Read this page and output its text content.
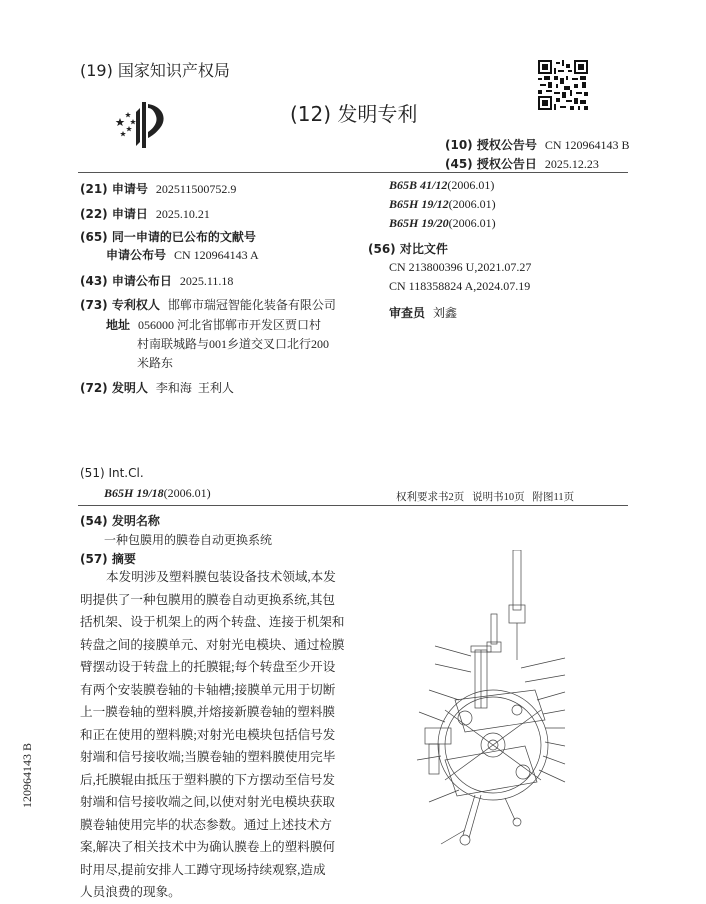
(19) 国家知识产权局
(12) 发明专利
(10) 授权公告号 CN 120964143 B
(45) 授权公告日 2025.12.23
(21) 申请号 202511500752.9
(22) 申请日 2025.10.21
(65) 同一申请的已公布的文献号
申请公布号 CN 120964143 A
(43) 申请公布日 2025.11.18
(73) 专利权人 邯郸市瑞冠智能化装备有限公司
地址 056000 河北省邯郸市开发区贾口村
村南联城路与001乡道交叉口北行200
米路东
(72) 发明人 李和海  王利人
B65B 41/12(2006.01)
B65H 19/12(2006.01)
B65H 19/20(2006.01)
(56) 对比文件
CN 213800396 U,2021.07.27
CN 118358824 A,2024.07.19
审查员 刘鑫
(51) Int.Cl.
B65H 19/18(2006.01)	权利要求书2页   说明书10页   附图11页
(54) 发明名称
一种包膜用的膜卷自动更换系统
(57) 摘要
本发明涉及塑料膜包装设备技术领域,本发
明提供了一种包膜用的膜卷自动更换系统,其包
括机架、设于机架上的两个转盘、连接于机架和
转盘之间的接膜单元、对射光电模块、通过检膜
臂摆动设于转盘上的托膜辊;每个转盘至少开设
有两个安装膜卷轴的卡轴槽;接膜单元用于切断
上一膜卷轴的塑料膜,并熔接新膜卷轴的塑料膜
和正在使用的塑料膜;对射光电模块包括信号发
射端和信号接收端;当膜卷轴的塑料膜使用完毕
后,托膜辊由抵压于塑料膜的下方摆动至信号发
射端和信号接收端之间,以使对射光电模块获取
膜卷轴使用完毕的状态参数。通过上述技术方
案,解决了相关技术中为确认膜卷上的塑料膜何
时用尽,提前安排人工蹲守现场持续观察,造成
人员浪费的现象。
120964143 B
